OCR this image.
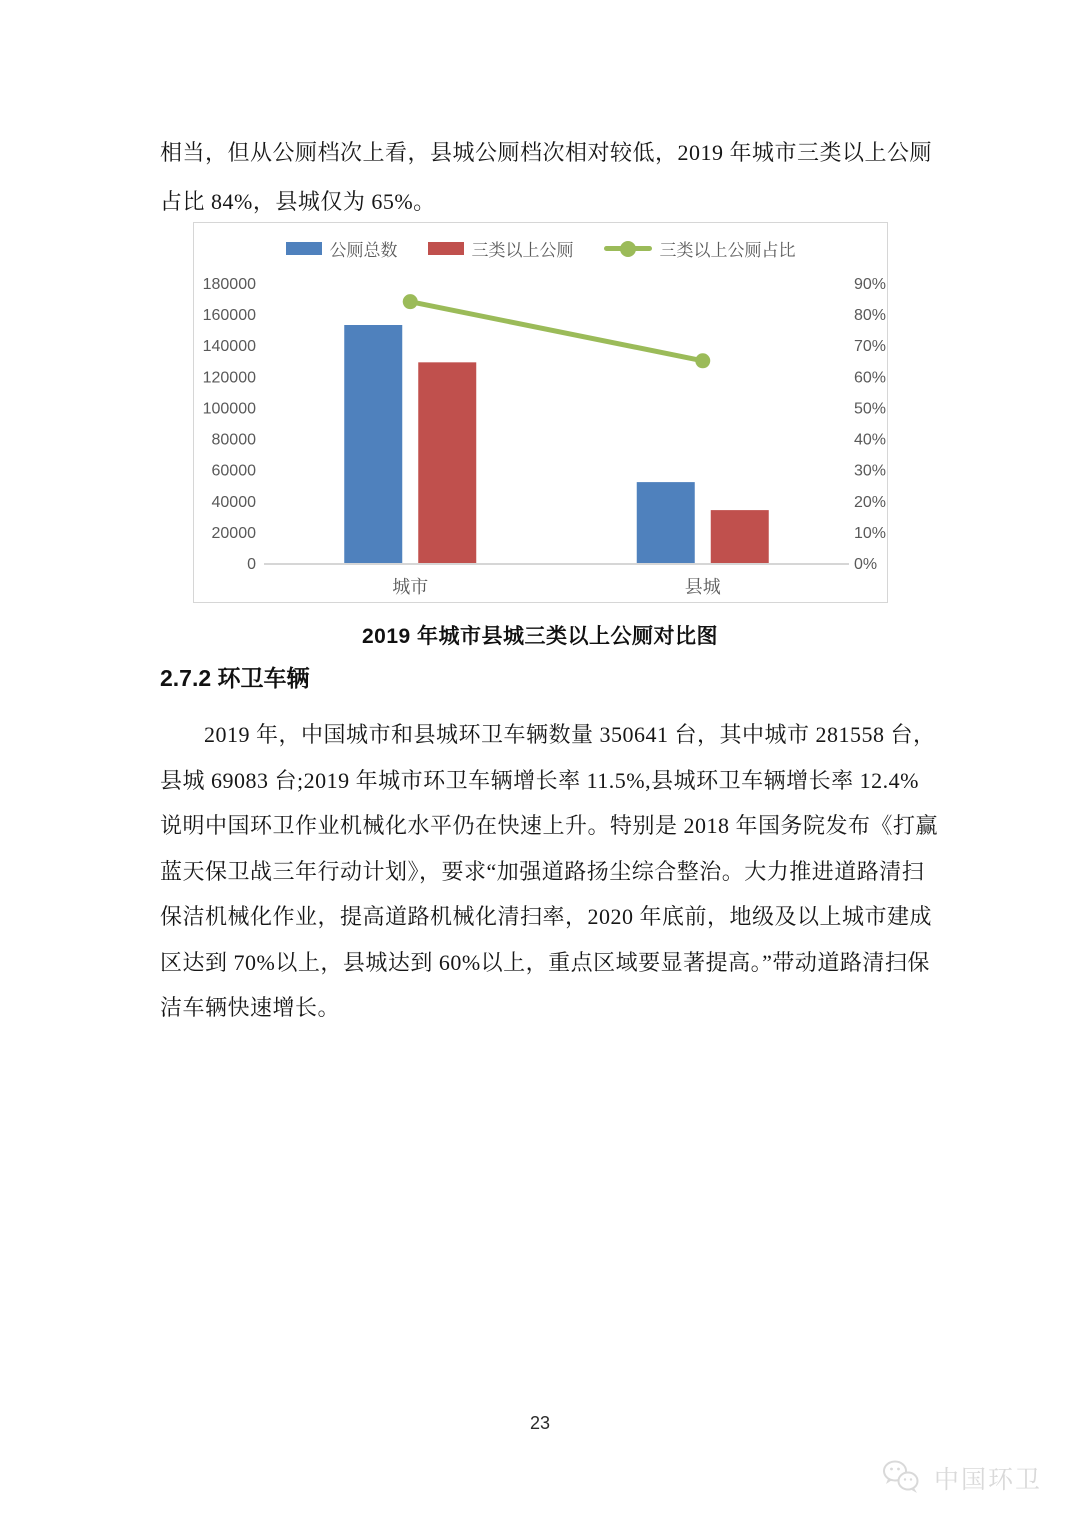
相当，但从公厕档次上看，县城公厕档次相对较低，2019 年城市三类以上公厕
占比 84%，县城仅为 65%。
180000
160000
140000
120000
100000
80000
60000
40000
20000
0
90%
80%
70%
60%
50%
40%
30%
20%
10%
0%
城市	县城
公厕总数	三类以上公厕	三类以上公厕占比
2019 年城市县城三类以上公厕对比图
2.7.2 环卫车辆
2019 年，中国城市和县城环卫车辆数量 350641 台，其中城市 281558 台，
县城 69083 台;2019 年城市环卫车辆增长率 11.5%,县城环卫车辆增长率 12.4%
说明中国环卫作业机械化水平仍在快速上升。特别是 2018 年国务院发布《打赢
蓝天保卫战三年行动计划》，要求“加强道路扬尘综合整治。大力推进道路清扫
保洁机械化作业，提高道路机械化清扫率，2020 年底前，地级及以上城市建成
区达到 70%以上，县城达到 60%以上，重点区域要显著提高。”带动道路清扫保
洁车辆快速增长。
23
中国环卫
